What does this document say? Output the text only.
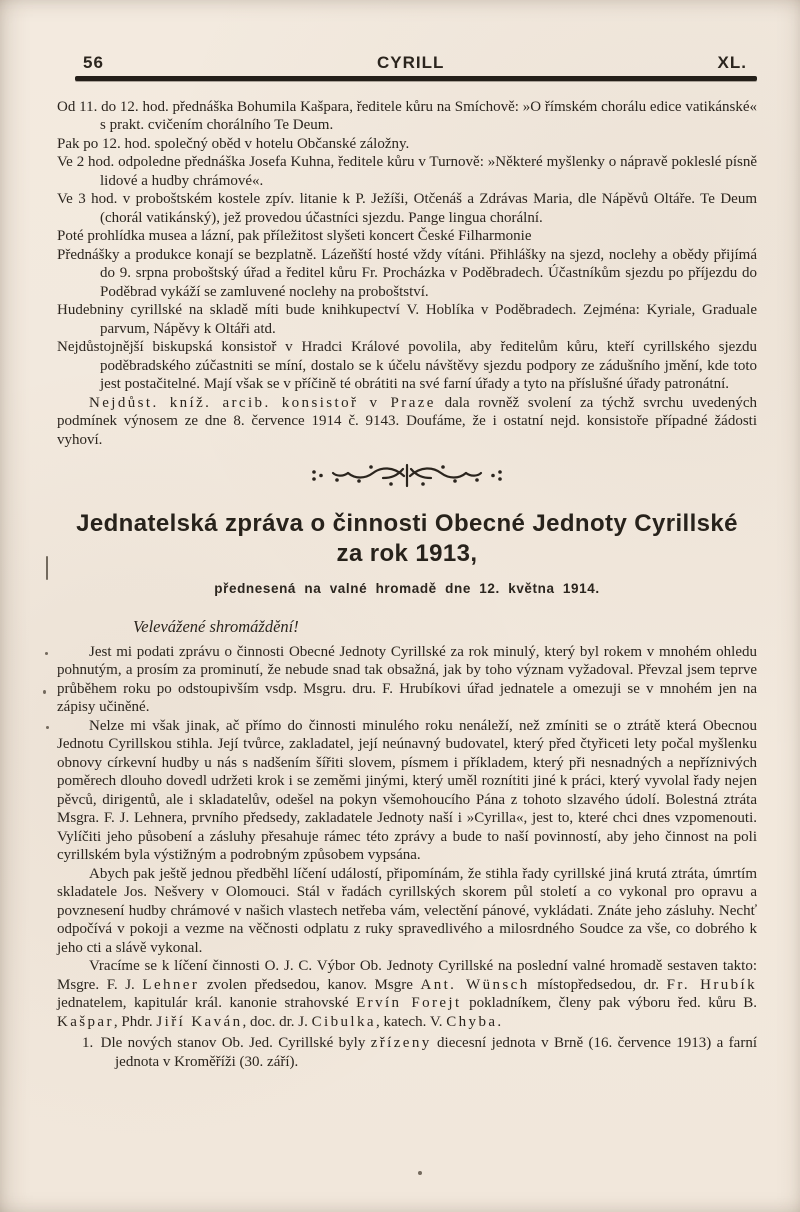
56	CYRILL	XL.

Od 11. do 12. hod. přednáška Bohumila Kašpara, ředitele kůru na Smíchově: »O římském chorálu edice vatikánské« s prakt. cvičením chorálního Te Deum.

Pak po 12. hod. společný oběd v hotelu Občanské záložny.

Ve 2 hod. odpoledne přednáška Josefa Kuhna, ředitele kůru v Turnově: »Některé myšlenky o nápravě pokleslé písně lidové a hudby chrámové«.

Ve 3 hod. v proboštském kostele zpív. litanie k P. Ježíši, Otčenáš a Zdrávas Maria, dle Nápěvů Oltáře. Te Deum (chorál vatikánský), jež provedou účastníci sjezdu. Pange lingua chorální.

Poté prohlídka musea a lázní, pak příležitost slyšeti koncert České Filharmonie

Přednášky a produkce konají se bezplatně. Lázeňští hosté vždy vítáni. Přihlášky na sjezd, noclehy a obědy přijímá do 9. srpna proboštský úřad a ředitel kůru Fr. Procházka v Poděbradech. Účastníkům sjezdu po příjezdu do Poděbrad vykáží se zamluvené noclehy na proboštství.

Hudebniny cyrillské na skladě míti bude knihkupectví V. Hoblíka v Poděbradech. Zejména: Kyriale, Graduale parvum, Nápěvy k Oltáři atd.

Nejdůstojnější biskupská konsistoř v Hradci Králové povolila, aby ředitelům kůru, kteří cyrillského sjezdu poděbradského zúčastniti se míní, dostalo se k účelu návštěvy sjezdu podpory ze zádušního jmění, kde toto jest postačitelné. Mají však se v příčině té obrátiti na své farní úřady a tyto na příslušné úřady patronátní.

Nejdůst. kníž. arcib. konsistoř v Praze dala rovněž svolení za týchž svrchu uvedených podmínek výnosem ze dne 8. července 1914 č. 9143. Doufáme, že i ostatní nejd. konsistoře případné žádosti vyhoví.

Jednatelská zpráva o činnosti Obecné Jednoty Cyrillské
za rok 1913,
přednesená na valné hromadě dne 12. května 1914.
Velevážené shromáždění!

Jest mi podati zprávu o činnosti Obecné Jednoty Cyrillské za rok minulý, který byl rokem v mnohém ohledu pohnutým, a prosím za prominutí, že nebude snad tak obsažná, jak by toho význam vyžadoval. Převzal jsem teprve průběhem roku po odstoupivším vsdp. Msgru. dru. F. Hrubíkovi úřad jednatele a omezuji se v mnohém jen na zápisy učiněné.

Nelze mi však jinak, ač přímo do činnosti minulého roku nenáleží, než zmíniti se o ztrátě která Obecnou Jednotu Cyrillskou stihla. Její tvůrce, zakladatel, její neúnavný budovatel, který před čtyřiceti lety počal myšlenku obnovy církevní hudby u nás s nadšením šířiti slovem, písmem i příkladem, který při nesnadných a nepříznivých poměrech dlouho dovedl udržeti krok i se zeměmi jinými, který uměl roznítiti jiné k práci, který vyvolal řady nejen pěvců, dirigentů, ale i skladatelův, odešel na pokyn všemohoucího Pána z tohoto slzavého údolí. Bolestná ztráta Msgra. F. J. Lehnera, prvního předsedy, zakladatele Jednoty naší i »Cyrilla«, jest to, které chci dnes vzpomenouti. Vylíčiti jeho působení a zásluhy přesahuje rámec této zprávy a bude to naší povinností, aby jeho činnost na poli cyrillském byla výstižným a podrobným způsobem vypsána.

Abych pak ještě jednou předběhl líčení událostí, připomínám, že stihla řady cyrillské jiná krutá ztráta, úmrtím skladatele Jos. Nešvery v Olomouci. Stál v řadách cyrillských skorem půl století a co vykonal pro opravu a povznesení hudby chrámové v našich vlastech netřeba vám, velectění pánové, vykládati. Znáte jeho zásluhy. Nechť odpočívá v pokoji a vezme na věčnosti odplatu z ruky spravedlivého a milosrdného Soudce za vše, co dobrého k jeho cti a slávě vykonal.

Vracíme se k líčení činnosti O. J. C. Výbor Ob. Jednoty Cyrillské na poslední valné hromadě sestaven takto: Msgre. F. J. Lehner zvolen předsedou, kanov. Msgre Ant. Wünsch místopředsedou, dr. Fr. Hrubík jednatelem, kapitulár král. kanonie strahovské Ervín Forejt pokladníkem, členy pak výboru řed. kůru B. Kašpar, Phdr. Jiří Kaván, doc. dr. J. Cibulka, katech. V. Chyba.

1. Dle nových stanov Ob. Jed. Cyrillské byly zřízeny diecesní jednota v Brně (16. července 1913) a farní jednota v Kroměříži (30. září).
